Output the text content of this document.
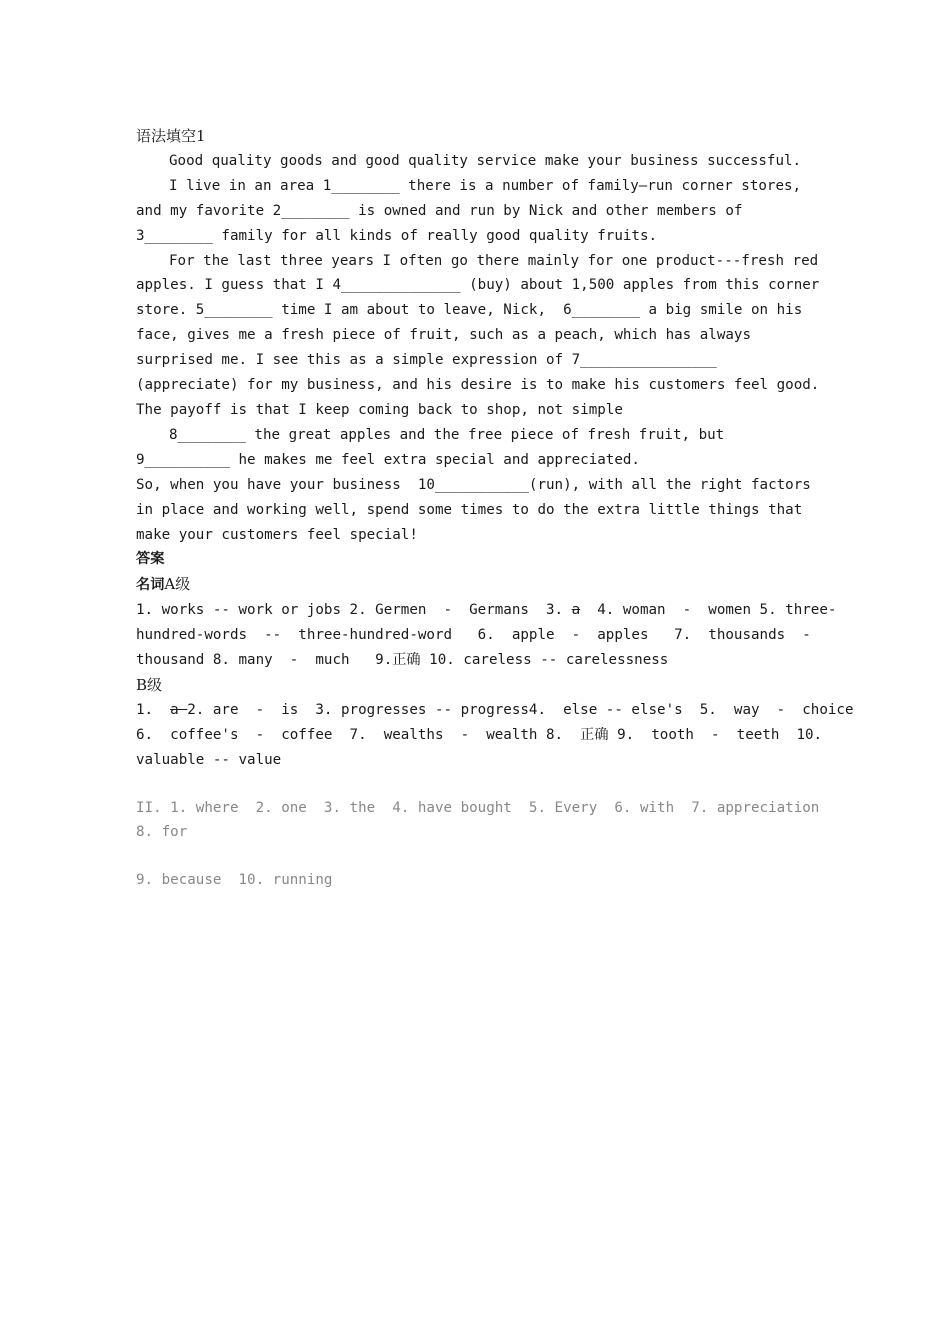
语法填空1
Good quality goods and good quality service make your business successful.
I live in an area 1________ there is a number of family—run corner stores,
and my favorite 2________ is owned and run by Nick and other members of
3________ family for all kinds of really good quality fruits.
For the last three years I often go there mainly for one product---fresh red
apples. I guess that I 4______________ (buy) about 1,500 apples from this corner
store. 5________ time I am about to leave, Nick,  6________ a big smile on his
face, gives me a fresh piece of fruit, such as a peach, which has always
surprised me. I see this as a simple expression of 7________________
(appreciate) for my business, and his desire is to make his customers feel good.
The payoff is that I keep coming back to shop, not simple
8________ the great apples and the free piece of fresh fruit, but
9__________ he makes me feel extra special and appreciated.
So, when you have your business  10___________(run), with all the right factors
in place and working well, spend some times to do the extra little things that
make your customers feel special!
答案
名词A级
1. works -- work or jobs 2. Germen  -  Germans  3. a  4. woman  -  women 5. three-
hundred-words  --  three-hundred-word   6.  apple  -  apples   7.  thousands  -
thousand 8. many  -  much   9.正确 10. careless -- carelessness
B级
1.  a 2. are  -  is  3. progresses -- progress4.  else -- else's  5.  way  -  choice
6.  coffee's  -  coffee  7.  wealths  -  wealth 8.  正确 9.  tooth  -  teeth  10.
valuable -- value
II. 1. where  2. one  3. the  4. have bought  5. Every  6. with  7. appreciation
8. for
9. because  10. running
